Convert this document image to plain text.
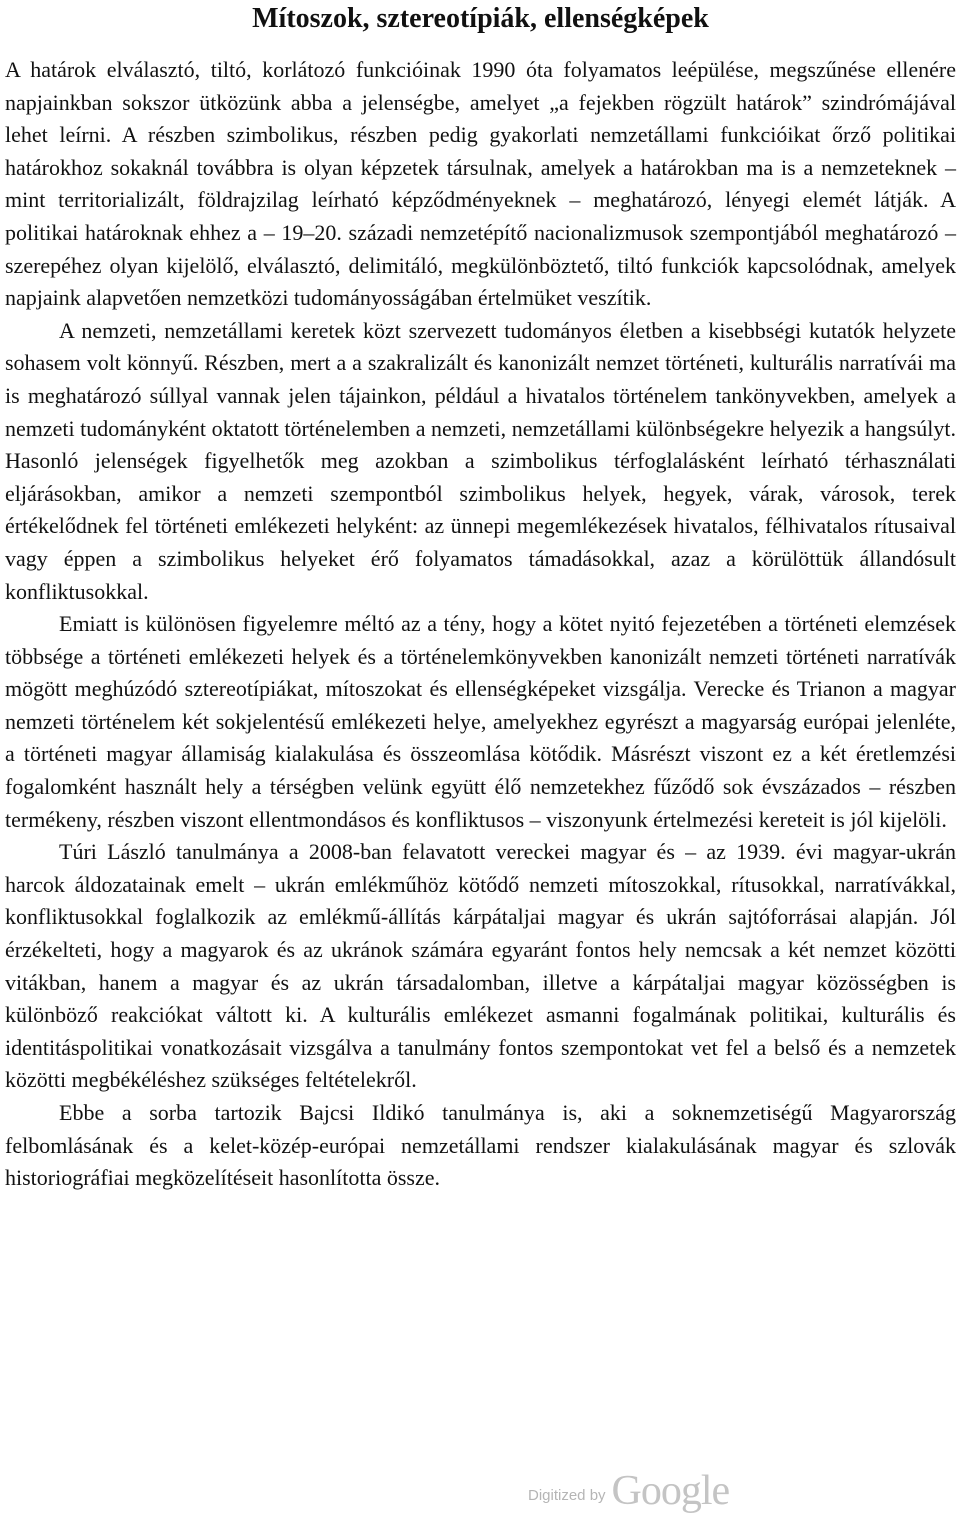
Mítoszok, sztereotípiák, ellenségképek

A határok elválasztó, tiltó, korlátozó funkcióinak 1990 óta folyamatos leépülése, megszűnése ellenére napjainkban sokszor ütközünk abba a jelenségbe, amelyet „a fejekben rögzült határok” szindrómájával lehet leírni. A részben szimbolikus, részben pedig gyakorlati nemzetállami funkcióikat őrző politikai határokhoz sokaknál továbbra is olyan képzetek társulnak, amelyek a határokban ma is a nemzeteknek – mint territorializált, földrajzilag leírható képződményeknek – meghatározó, lényegi elemét látják. A politikai határoknak ehhez a – 19–20. századi nemzetépítő nacionalizmusok szempontjából meghatározó – szerepéhez olyan kijelölő, elválasztó, delimitáló, megkülönböztető, tiltó funkciók kapcsolódnak, amelyek napjaink alapvetően nemzetközi tudományosságában értelmüket veszítik.

A nemzeti, nemzetállami keretek közt szervezett tudományos életben a kisebbségi kutatók helyzete sohasem volt könnyű. Részben, mert a a szakralizált és kanonizált nemzet történeti, kulturális narratívái ma is meghatározó súllyal vannak jelen tájainkon, például a hivatalos történelem tankönyvekben, amelyek a nemzeti tudományként oktatott történelemben a nemzeti, nemzetállami különbségekre helyezik a hangsúlyt. Hasonló jelenségek figyelhetők meg azokban a szimbolikus térfoglalásként leírható térhasználati eljárásokban, amikor a nemzeti szempontból szimbolikus helyek, hegyek, várak, városok, terek értékelődnek fel történeti emlékezeti helyként: az ünnepi megemlékezések hivatalos, félhivatalos rítusaival vagy éppen a szimbolikus helyeket érő folyamatos támadásokkal, azaz a körülöttük állandósult konfliktusokkal.

Emiatt is különösen figyelemre méltó az a tény, hogy a kötet nyitó fejezetében a történeti elemzések többsége a történeti emlékezeti helyek és a történelemkönyvekben kanonizált nemzeti történeti narratívák mögött meghúzódó sztereotípiákat, mítoszokat és ellenségképeket vizsgálja. Verecke és Trianon a magyar nemzeti történelem két sokjelentésű emlékezeti helye, amelyekhez egyrészt a magyarság európai jelenléte, a történeti magyar államiság kialakulása és összeomlása kötődik. Másrészt viszont ez a két éretlemzési fogalomként használt hely a térségben velünk együtt élő nemzetekhez fűződő sok évszázados – részben termékeny, részben viszont ellentmondásos és konfliktusos – viszonyunk értelmezési kereteit is jól kijelöli.

Túri László tanulmánya a 2008-ban felavatott vereckei magyar és – az 1939. évi magyar-ukrán harcok áldozatainak emelt – ukrán emlékműhöz kötődő nemzeti mítoszokkal, rítusokkal, narratívákkal, konfliktusokkal foglalkozik az emlékmű-állítás kárpátaljai magyar és ukrán sajtóforrásai alapján. Jól érzékelteti, hogy a magyarok és az ukránok számára egyaránt fontos hely nemcsak a két nemzet közötti vitákban, hanem a magyar és az ukrán társadalomban, illetve a kárpátaljai magyar közösségben is különböző reakciókat váltott ki. A kulturális emlékezet asmanni fogalmának politikai, kulturális és identitáspolitikai vonatkozásait vizsgálva a tanulmány fontos szempontokat vet fel a belső és a nemzetek közötti megbékéléshez szükséges feltételekről.

Ebbe a sorba tartozik Bajcsi Ildikó tanulmánya is, aki a soknemzetiségű Magyarország felbomlásának és a kelet-közép-európai nemzetállami rendszer kialakulásának magyar és szlovák historiográfiai megközelítéseit hasonlította össze.

Digitized by Google
